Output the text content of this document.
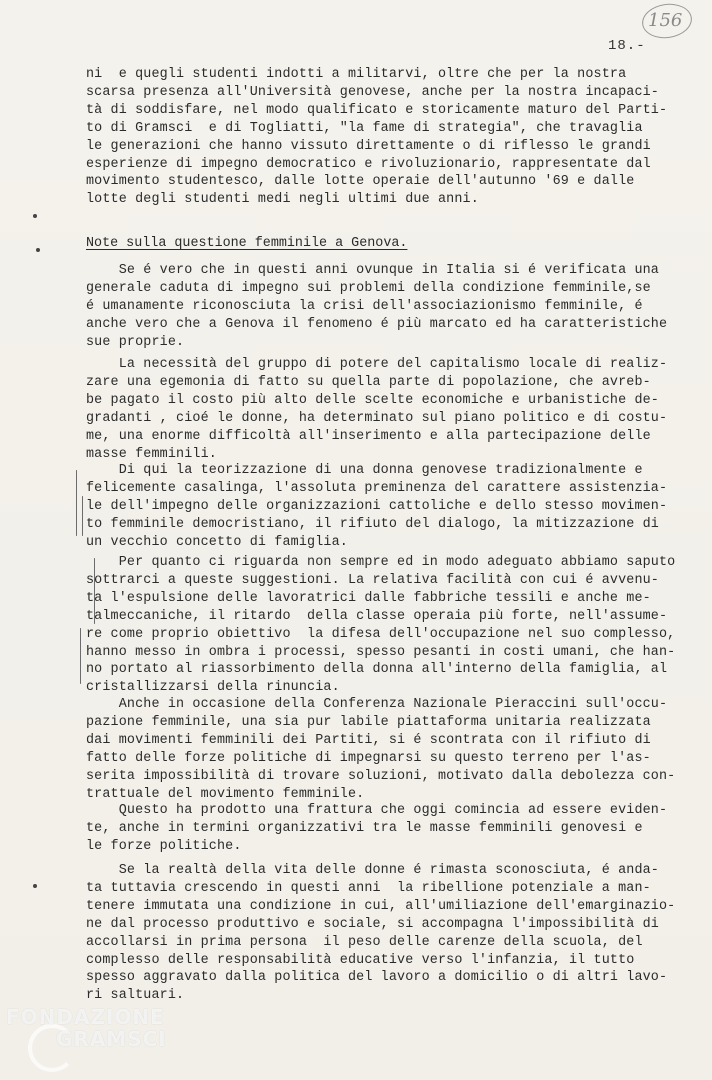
156
18.-
ni  e quegli studenti indotti a militarvi, oltre che per la nostra
scarsa presenza all'Università genovese, anche per la nostra incapaci-
tà di soddisfare, nel modo qualificato e storicamente maturo del Parti-
to di Gramsci  e di Togliatti, "la fame di strategia", che travaglia
le generazioni che hanno vissuto direttamente o di riflesso le grandi
esperienze di impegno democratico e rivoluzionario, rappresentate dal
movimento studentesco, dalle lotte operaie dell'autunno '69 e dalle
lotte degli studenti medi negli ultimi due anni.
Note sulla questione femminile a Genova.
Se é vero che in questi anni ovunque in Italia si é verificata una
generale caduta di impegno sui problemi della condizione femminile,se
é umanamente riconosciuta la crisi dell'associazionismo femminile, é
anche vero che a Genova il fenomeno é più marcato ed ha caratteristiche
sue proprie.
La necessità del gruppo di potere del capitalismo locale di realiz-
zare una egemonia di fatto su quella parte di popolazione, che avreb-
be pagato il costo più alto delle scelte economiche e urbanistiche de-
gradanti , cioé le donne, ha determinato sul piano politico e di costu-
me, una enorme difficoltà all'inserimento e alla partecipazione delle
masse femminili.
Di qui la teorizzazione di una donna genovese tradizionalmente e
felicemente casalinga, l'assoluta preminenza del carattere assistenzia-
le dell'impegno delle organizzazioni cattoliche e dello stesso movimen-
to femminile democristiano, il rifiuto del dialogo, la mitizzazione di
un vecchio concetto di famiglia.
Per quanto ci riguarda non sempre ed in modo adeguato abbiamo saputo
sottrarci a queste suggestioni. La relativa facilità con cui é avvenu-
ta l'espulsione delle lavoratrici dalle fabbriche tessili e anche me-
talmeccaniche, il ritardo  della classe operaia più forte, nell'assume-
re come proprio obiettivo  la difesa dell'occupazione nel suo complesso,
hanno messo in ombra i processi, spesso pesanti in costi umani, che han-
no portato al riassorbimento della donna all'interno della famiglia, al
cristallizzarsi della rinuncia.
Anche in occasione della Conferenza Nazionale Pieraccini sull'occu-
pazione femminile, una sia pur labile piattaforma unitaria realizzata
dai movimenti femminili dei Partiti, si é scontrata con il rifiuto di
fatto delle forze politiche di impegnarsi su questo terreno per l'as-
serita impossibilità di trovare soluzioni, motivato dalla debolezza con-
trattuale del movimento femminile.
Questo ha prodotto una frattura che oggi comincia ad essere eviden-
te, anche in termini organizzativi tra le masse femminili genovesi e
le forze politiche.
Se la realtà della vita delle donne é rimasta sconosciuta, é anda-
ta tuttavia crescendo in questi anni  la ribellione potenziale a man-
tenere immutata una condizione in cui, all'umiliazione dell'emarginazio-
ne dal processo produttivo e sociale, si accompagna l'impossibilità di
accollarsi in prima persona  il peso delle carenze della scuola, del
complesso delle responsabilità educative verso l'infanzia, il tutto
spesso aggravato dalla politica del lavoro a domicilio o di altri lavo-
ri saltuari.
FONDAZIONE
GRAMSCI
